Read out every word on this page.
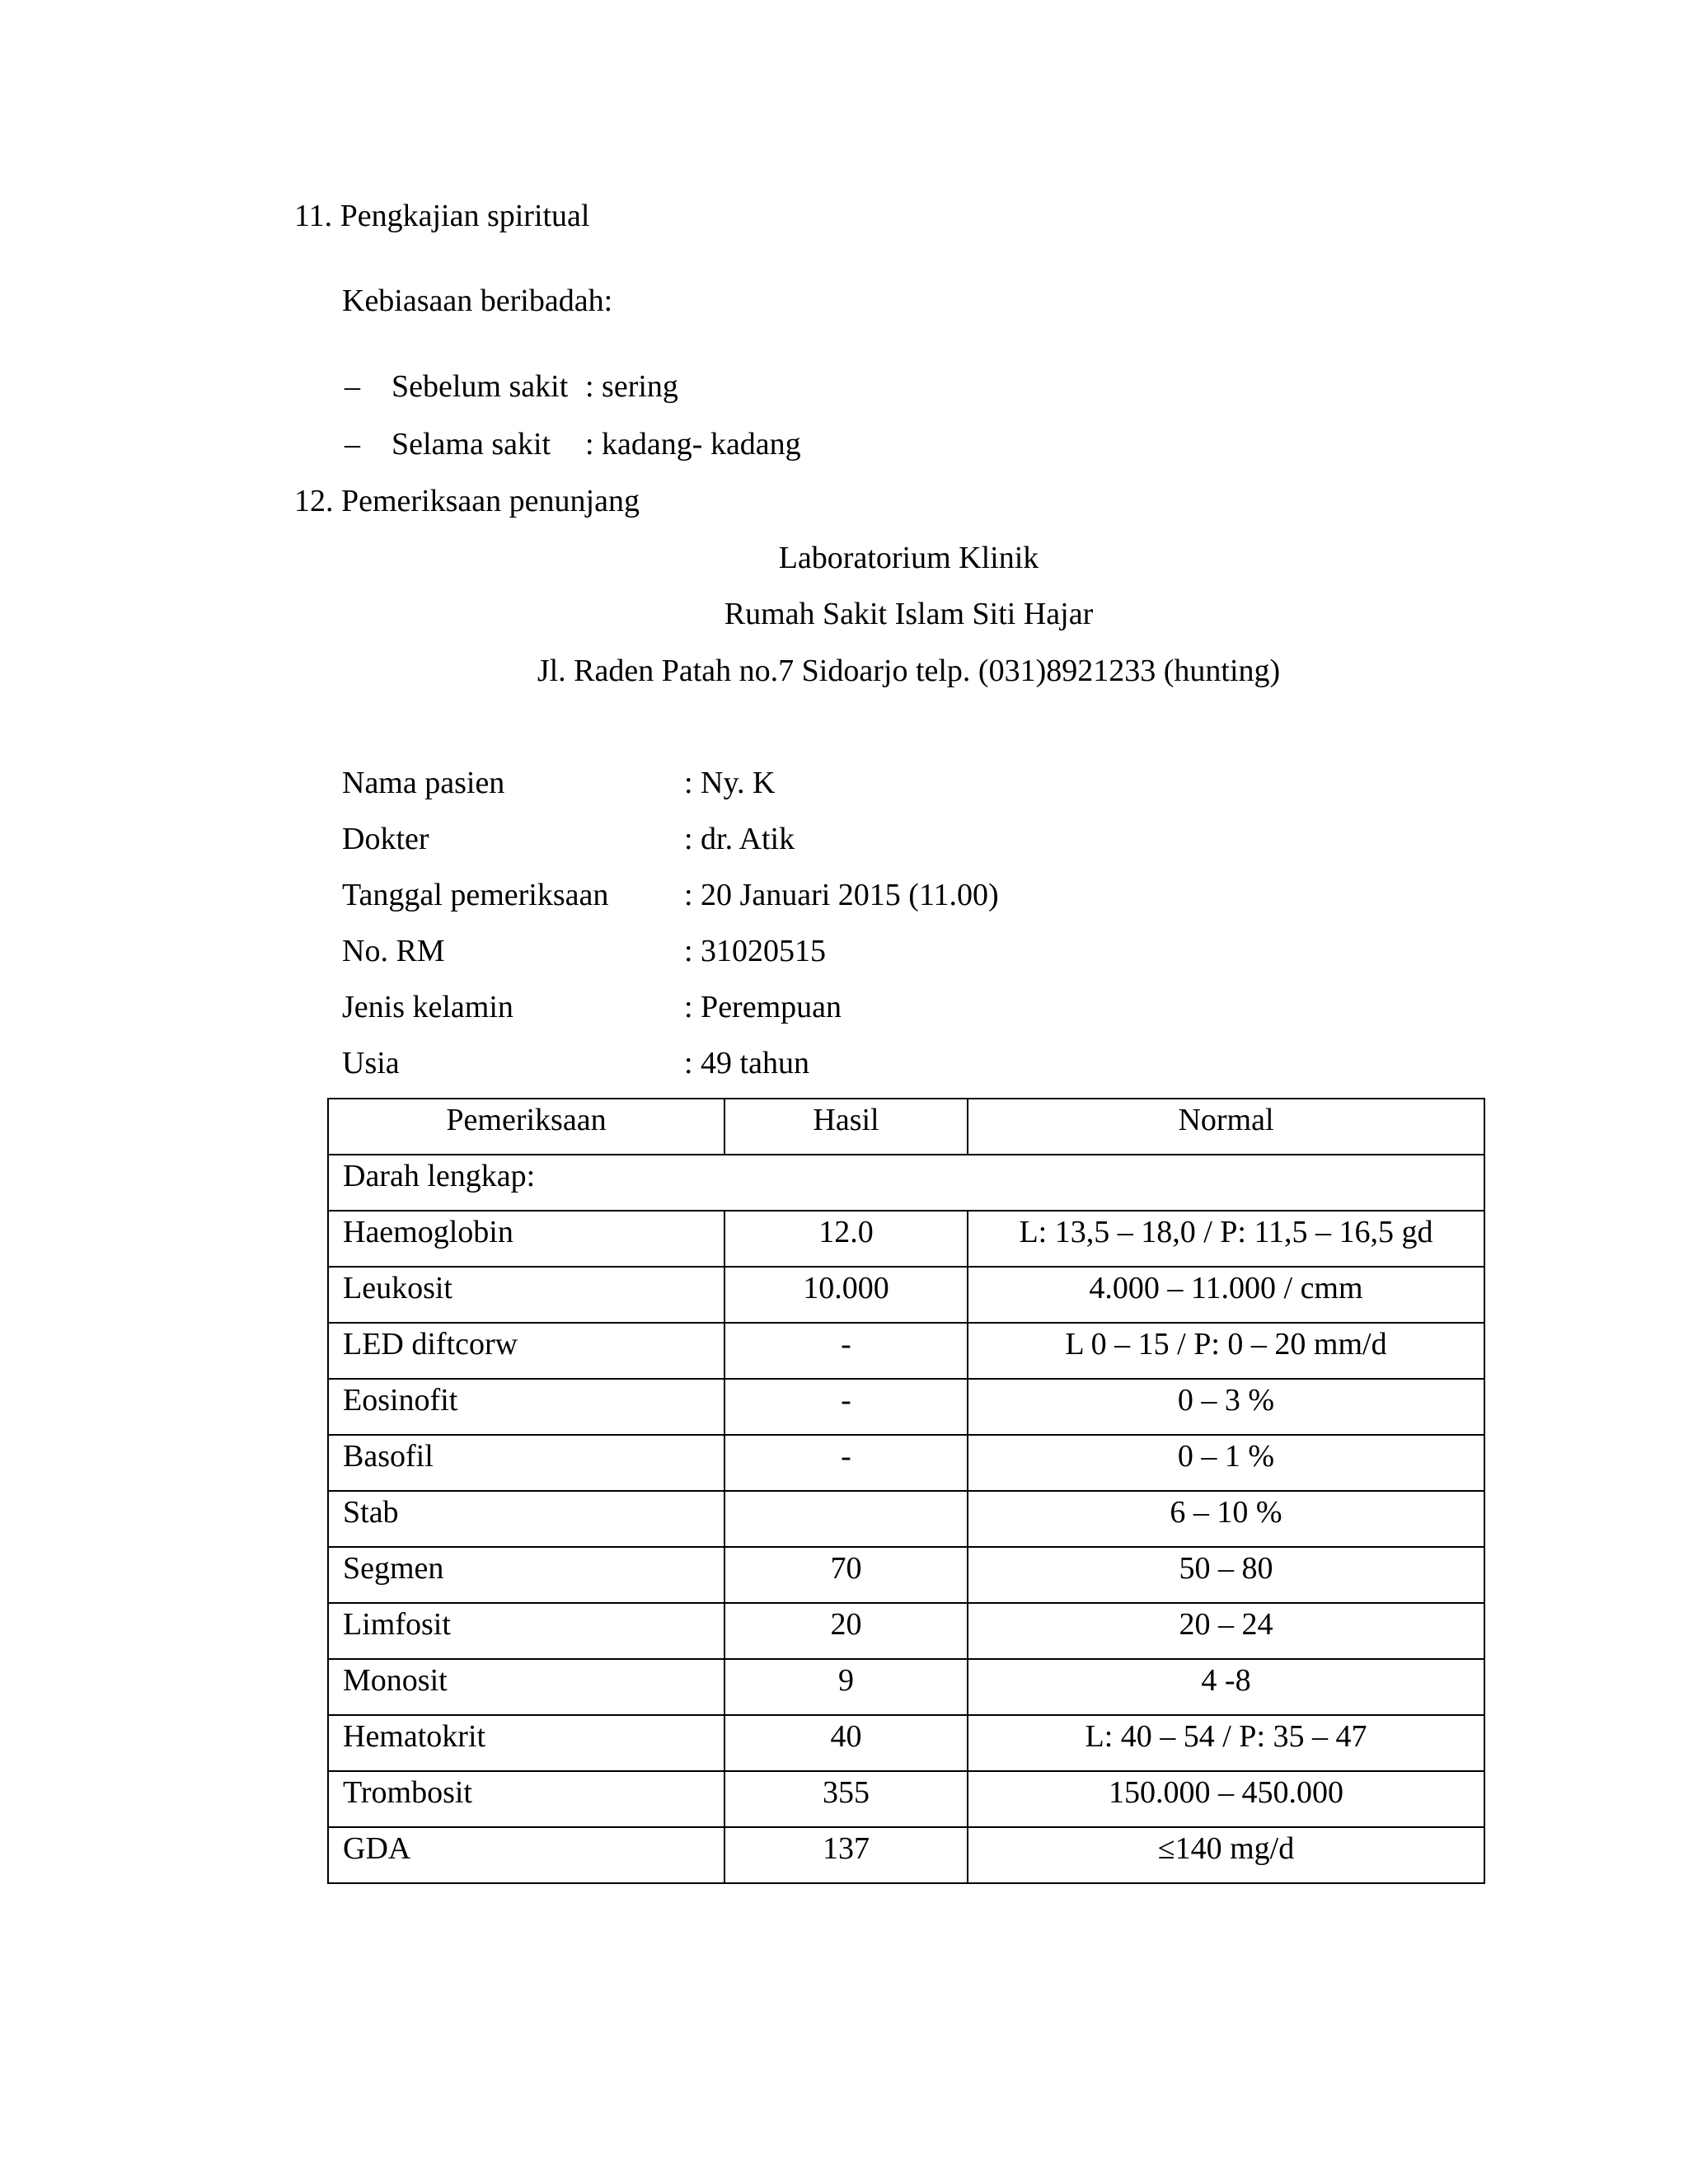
11. Pengkajian spiritual
Kebiasaan beribadah:
– Sebelum sakit : sering
– Selama sakit : kadang- kadang
12. Pemeriksaan penunjang
Laboratorium Klinik
Rumah Sakit Islam Siti Hajar
Jl. Raden Patah no.7 Sidoarjo telp. (031)8921233 (hunting)
Nama pasien	: Ny. K
Dokter	: dr. Atik
Tanggal pemeriksaan : 20 Januari 2015 (11.00)
No. RM	: 31020515
Jenis kelamin	: Perempuan
Usia	: 49 tahun
Pemeriksaan	Hasil	Normal

Darah lengkap:		

Haemoglobin	12.0	L: 13,5 – 18,0 / P: 11,5 – 16,5 gd

Leukosit	10.000	4.000 – 11.000 / cmm

LED diftcorw	-	L 0 – 15 / P: 0 – 20 mm/d

Eosinofit	-	0 – 3 %

Basofil	-	0 – 1 %

Stab		6 – 10 %

Segmen	70	50 – 80

Limfosit	20	20 – 24

Monosit	9	4 -8

Hematokrit	40	L: 40 – 54 / P: 35 – 47

Trombosit	355	150.000 – 450.000

GDA	137	≤140 mg/d
